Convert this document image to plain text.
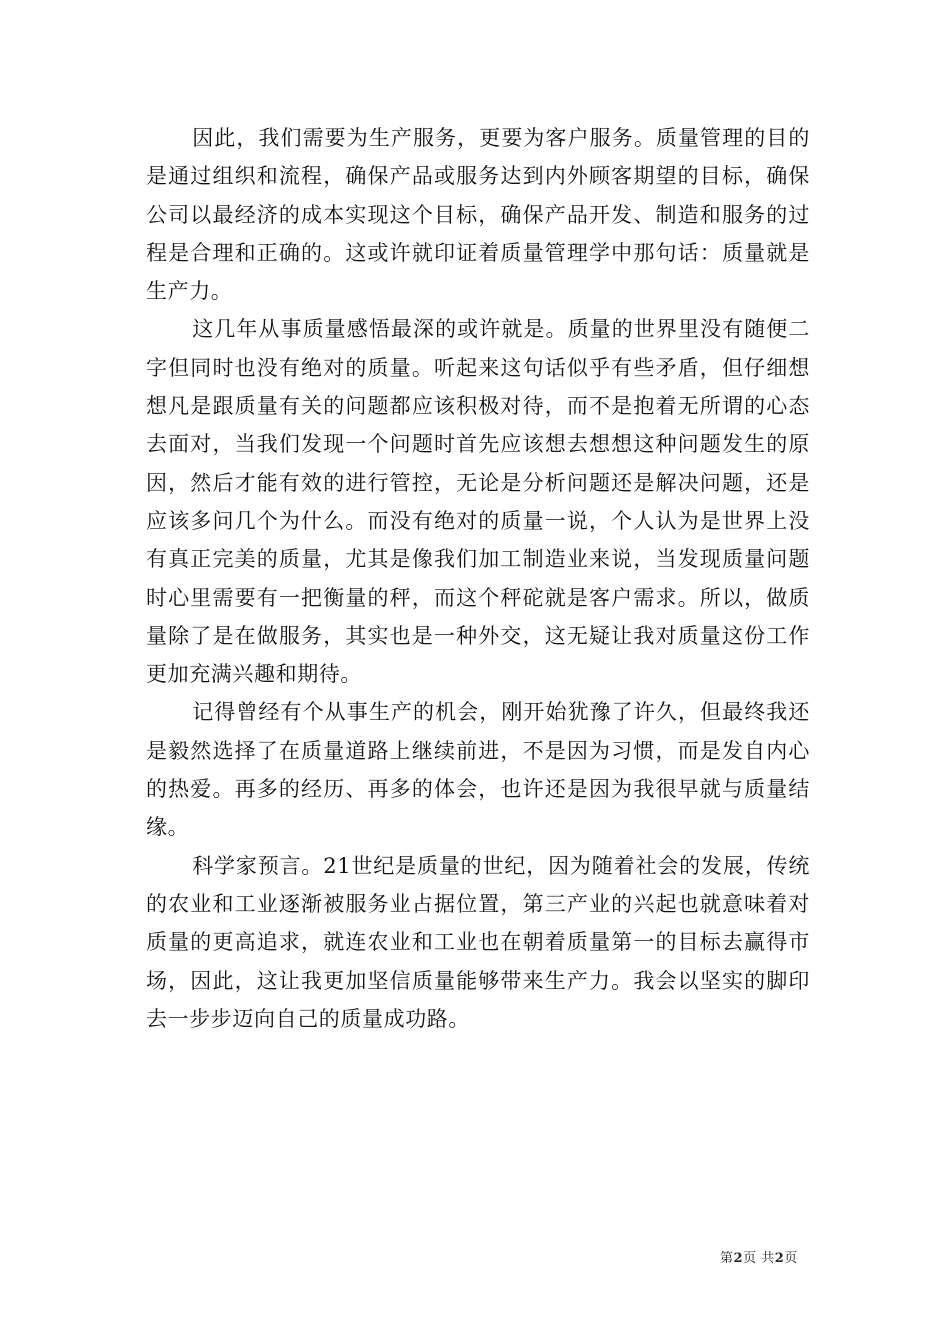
因此，我们需要为生产服务，更要为客户服务。质量管理的目的是通过组织和流程，确保产品或服务达到内外顾客期望的目标，确保公司以最经济的成本实现这个目标，确保产品开发、制造和服务的过程是合理和正确的。这或许就印证着质量管理学中那句话：质量就是生产力。

这几年从事质量感悟最深的或许就是。质量的世界里没有随便二字但同时也没有绝对的质量。听起来这句话似乎有些矛盾，但仔细想想凡是跟质量有关的问题都应该积极对待，而不是抱着无所谓的心态去面对，当我们发现一个问题时首先应该想去想想这种问题发生的原因，然后才能有效的进行管控，无论是分析问题还是解决问题，还是应该多问几个为什么。而没有绝对的质量一说，个人认为是世界上没有真正完美的质量，尤其是像我们加工制造业来说，当发现质量问题时心里需要有一把衡量的秤，而这个秤砣就是客户需求。所以，做质量除了是在做服务，其实也是一种外交，这无疑让我对质量这份工作更加充满兴趣和期待。

记得曾经有个从事生产的机会，刚开始犹豫了许久，但最终我还是毅然选择了在质量道路上继续前进，不是因为习惯，而是发自内心的热爱。再多的经历、再多的体会，也许还是因为我很早就与质量结缘。

科学家预言。21世纪是质量的世纪，因为随着社会的发展，传统的农业和工业逐渐被服务业占据位置，第三产业的兴起也就意味着对质量的更高追求，就连农业和工业也在朝着质量第一的目标去赢得市场，因此，这让我更加坚信质量能够带来生产力。我会以坚实的脚印去一步步迈向自己的质量成功路。

第2页 共2页
